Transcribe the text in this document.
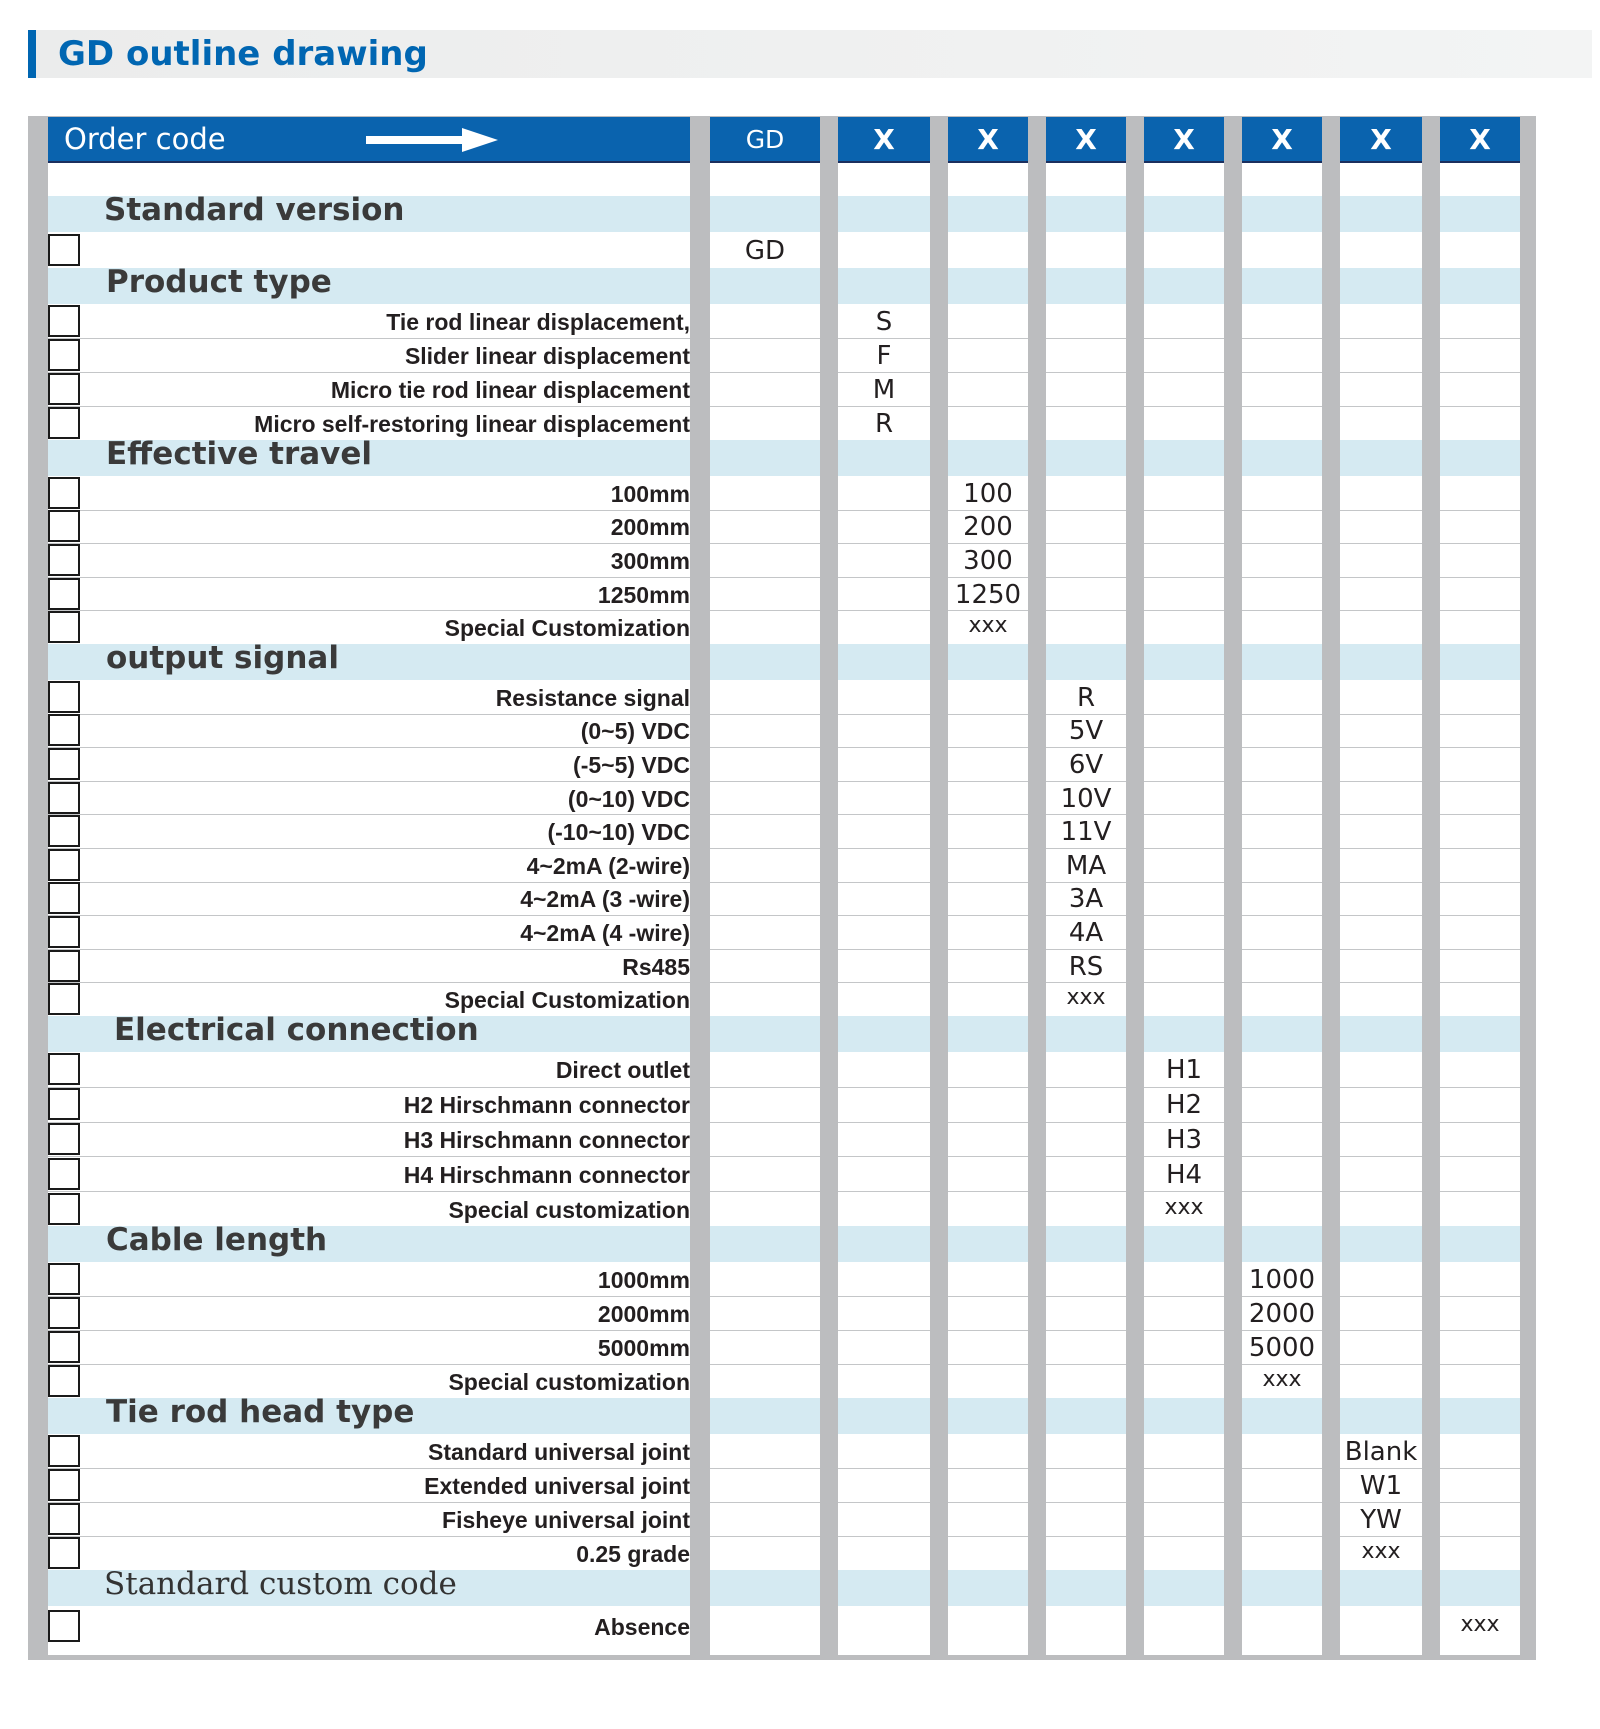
GD outline drawing
Standard version
GD
Product type
Tie rod linear displacement,	S
Slider linear displacement	F
Micro tie rod linear displacement	M
Micro self-restoring linear displacement	R
Effective travel
100mm	100
200mm	200
300mm	300
1250mm	1250
Special Customization	xxx
output signal
Resistance signal	R
(0~5) VDC	5V
(-5~5) VDC	6V
(0~10) VDC	10V
(-10~10) VDC	11V
4~2mA (2-wire)	MA
4~2mA (3 -wire)	3A
4~2mA (4 -wire)	4A
Rs485	RS
Special Customization	xxx
Electrical connection
Direct outlet	H1
H2 Hirschmann connector	H2
H3 Hirschmann connector	H3
H4 Hirschmann connector	H4
Special customization	xxx
Cable length
1000mm	1000
2000mm	2000
5000mm	5000
Special customization	xxx
Tie rod head type
Standard universal joint	Blank
Extended universal joint	W1
Fisheye universal joint	YW
0.25 grade	xxx
Standard custom code
Absence	xxx
Order code	GD	X	X	X	X	X	X	X
